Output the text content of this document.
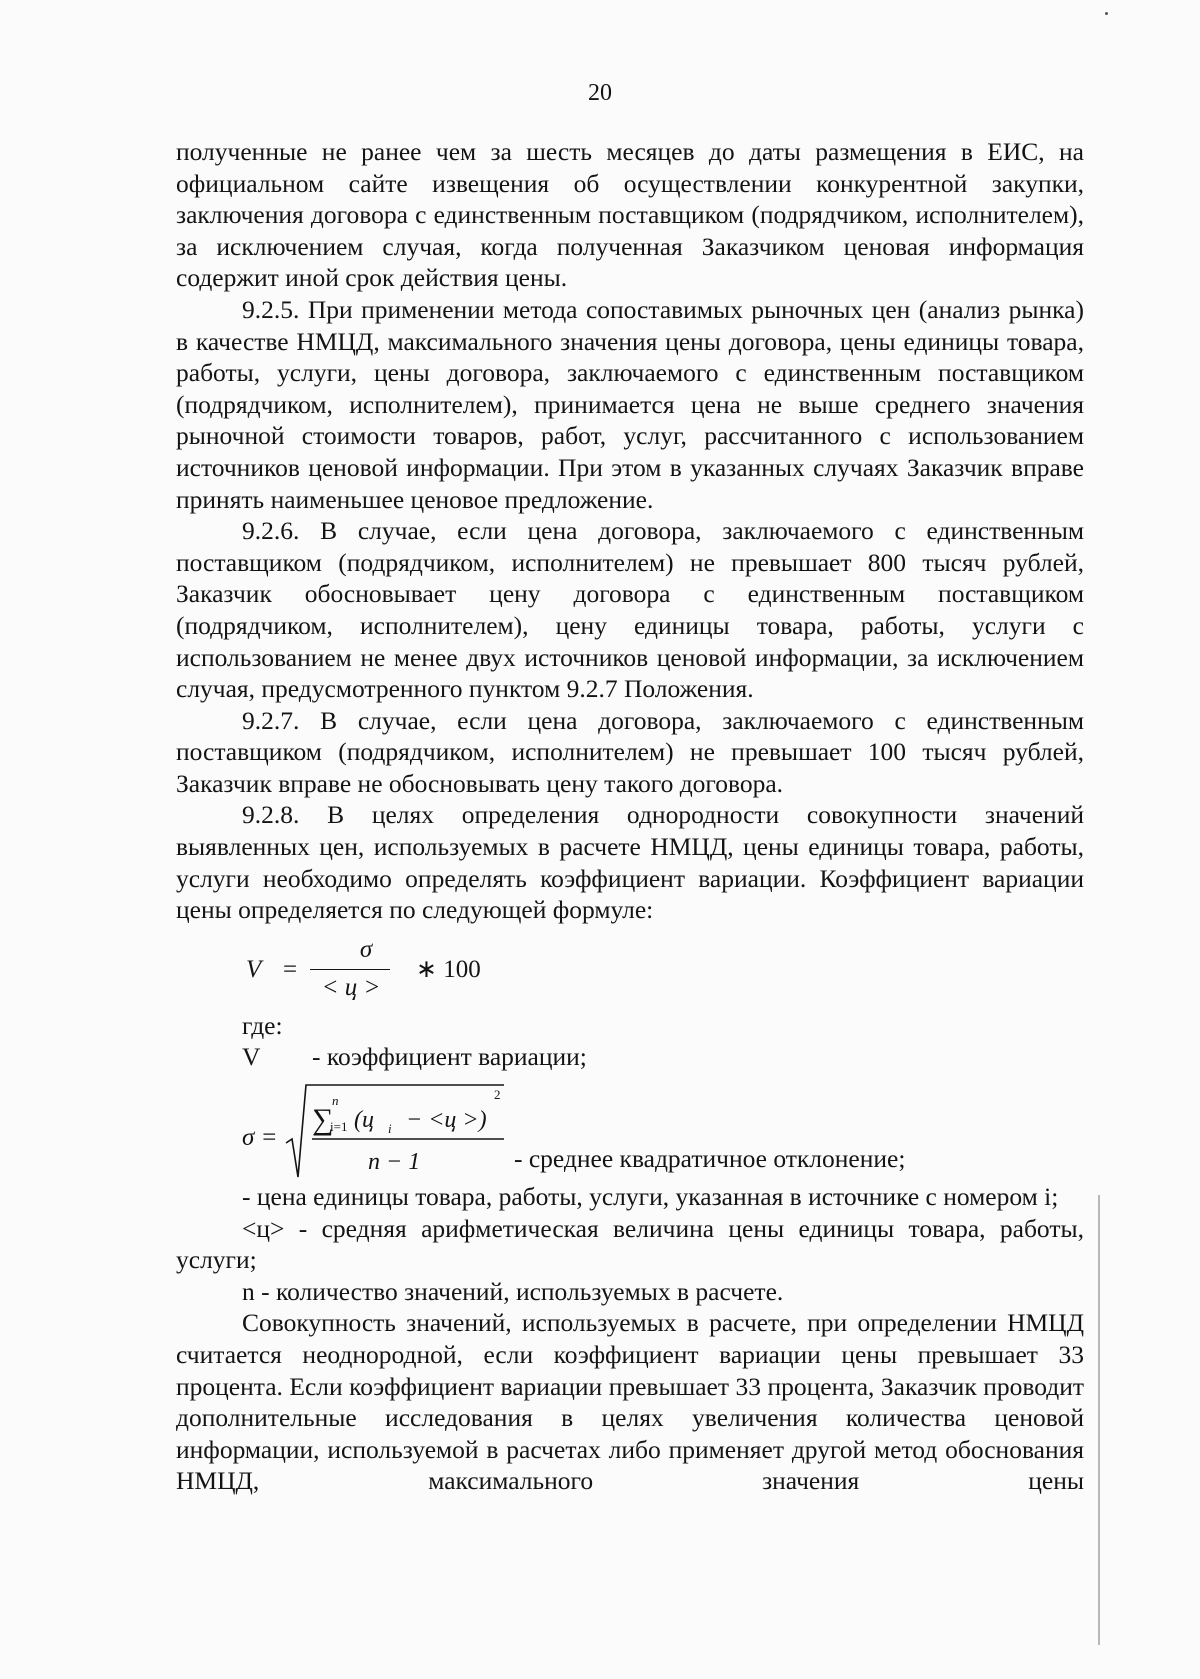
20

полученные не ранее чем за шесть месяцев до даты размещения в ЕИС, на официальном сайте извещения об осуществлении конкурентной закупки, заключения договора с единственным поставщиком (подрядчиком, исполнителем), за исключением случая, когда полученная Заказчиком ценовая информация содержит иной срок действия цены.

9.2.5. При применении метода сопоставимых рыночных цен (анализ рынка) в качестве НМЦД, максимального значения цены договора, цены единицы товара, работы, услуги, цены договора, заключаемого с единственным поставщиком (подрядчиком, исполнителем), принимается цена не выше среднего значения рыночной стоимости товаров, работ, услуг, рассчитанного с использованием источников ценовой информации. При этом в указанных случаях Заказчик вправе принять наименьшее ценовое предложение.

9.2.6. В случае, если цена договора, заключаемого с единственным поставщиком (подрядчиком, исполнителем) не превышает 800 тысяч рублей, Заказчик обосновывает цену договора с единственным поставщиком (подрядчиком, исполнителем), цену единицы товара, работы, услуги с использованием не менее двух источников ценовой информации, за исключением случая, предусмотренного пунктом 9.2.7 Положения.

9.2.7. В случае, если цена договора, заключаемого с единственным поставщиком (подрядчиком, исполнителем) не превышает 100 тысяч рублей, Заказчик вправе не обосновывать цену такого договора.

9.2.8. В целях определения однородности совокупности значений выявленных цен, используемых в расчете НМЦД, цены единицы товара, работы, услуги необходимо определять коэффициент вариации. Коэффициент вариации цены определяется по следующей формуле:

V =
σ
< ц >
∗ 100
где:
V - коэффициент вариации;
σ =
∑
n
i=1 (ц i − <ц >)
2
n − 1	- среднее квадратичное отклонение;

- цена единицы товара, работы, услуги, указанная в источнике с номером i;

<ц> - средняя арифметическая величина цены единицы товара, работы, услуги;

n - количество значений, используемых в расчете.

Совокупность значений, используемых в расчете, при определении НМЦД считается неоднородной, если коэффициент вариации цены превышает 33 процента. Если коэффициент вариации превышает 33 процента, Заказчик проводит дополнительные исследования в целях увеличения количества ценовой информации, используемой в расчетах либо применяет другой метод обоснования НМЦД, максимального значения цены
